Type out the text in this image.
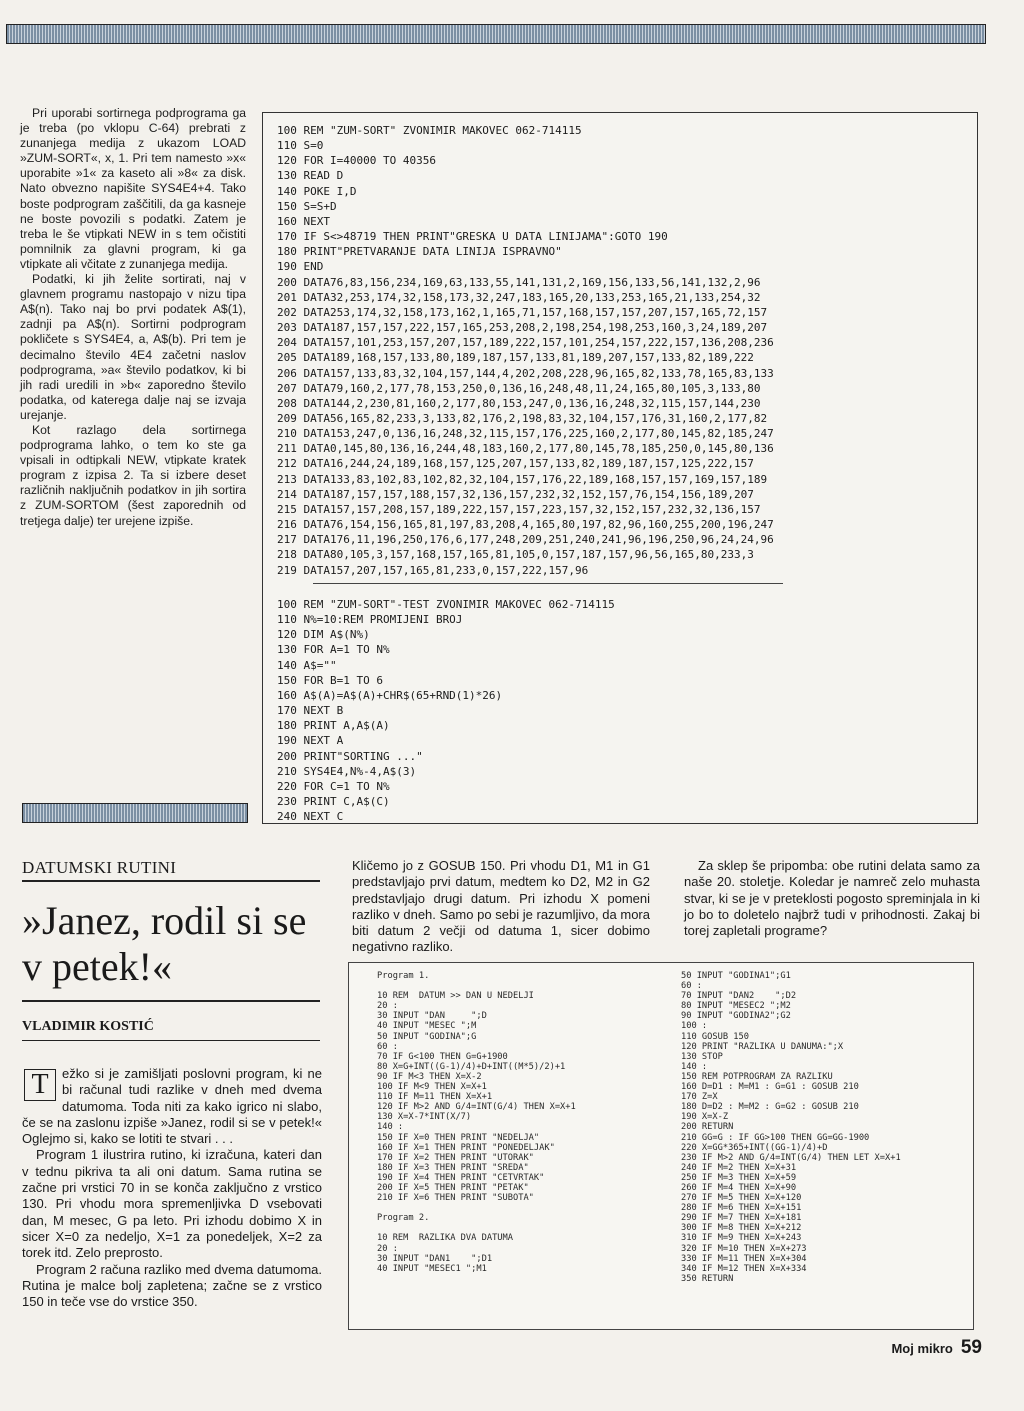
Pri uporabi sortirnega podprograma ga je treba (po vklopu C-64) prebrati z zunanjega medija z ukazom LOAD »ZUM-SORT«, x, 1. Pri tem namesto »x« uporabite »1« za kaseto ali »8« za disk. Nato obvezno napišite SYS4E4+4. Tako boste podprogram zaščitili, da ga kasneje ne boste povozili s podatki. Zatem je treba le še vtipkati NEW in s tem očistiti pomnilnik za glavni program, ki ga vtipkate ali včitate z zunanjega medija.

Podatki, ki jih želite sortirati, naj v glavnem programu nastopajo v nizu tipa A$(n). Tako naj bo prvi podatek A$(1), zadnji pa A$(n). Sortirni podprogram pokličete s SYS4E4, a, A$(b). Pri tem je decimalno število 4E4 začetni naslov podprograma, »a« število podatkov, ki bi jih radi uredili in »b« zaporedno število podatka, od katerega dalje naj se izvaja urejanje.

Kot razlago dela sortirnega podprograma lahko, o tem ko ste ga vpisali in odtipkali NEW, vtipkate kratek program z izpisa 2. Ta si izbere deset različnih naključnih podatkov in jih sortira z ZUM-SORTOM (šest zaporednih od tretjega dalje) ter urejene izpiše.

100 REM "ZUM-SORT" ZVONIMIR MAKOVEC 062-714115
110 S=0
120 FOR I=40000 TO 40356
130 READ D
140 POKE I,D
150 S=S+D
160 NEXT
170 IF S<>48719 THEN PRINT"GRESKA U DATA LINIJAMA":GOTO 190
180 PRINT"PRETVARANJE DATA LINIJA ISPRAVNO"
190 END
200 DATA76,83,156,234,169,63,133,55,141,131,2,169,156,133,56,141,132,2,96
201 DATA32,253,174,32,158,173,32,247,183,165,20,133,253,165,21,133,254,32
202 DATA253,174,32,158,173,162,1,165,71,157,168,157,157,207,157,165,72,157
203 DATA187,157,157,222,157,165,253,208,2,198,254,198,253,160,3,24,189,207
204 DATA157,101,253,157,207,157,189,222,157,101,254,157,222,157,136,208,236
205 DATA189,168,157,133,80,189,187,157,133,81,189,207,157,133,82,189,222
206 DATA157,133,83,32,104,157,144,4,202,208,228,96,165,82,133,78,165,83,133
207 DATA79,160,2,177,78,153,250,0,136,16,248,48,11,24,165,80,105,3,133,80
208 DATA144,2,230,81,160,2,177,80,153,247,0,136,16,248,32,115,157,144,230
209 DATA56,165,82,233,3,133,82,176,2,198,83,32,104,157,176,31,160,2,177,82
210 DATA153,247,0,136,16,248,32,115,157,176,225,160,2,177,80,145,82,185,247
211 DATA0,145,80,136,16,244,48,183,160,2,177,80,145,78,185,250,0,145,80,136
212 DATA16,244,24,189,168,157,125,207,157,133,82,189,187,157,125,222,157
213 DATA133,83,102,83,102,82,32,104,157,176,22,189,168,157,157,169,157,189
214 DATA187,157,157,188,157,32,136,157,232,32,152,157,76,154,156,189,207
215 DATA157,157,208,157,189,222,157,157,223,157,32,152,157,232,32,136,157
216 DATA76,154,156,165,81,197,83,208,4,165,80,197,82,96,160,255,200,196,247
217 DATA176,11,196,250,176,6,177,248,209,251,240,241,96,196,250,96,24,24,96
218 DATA80,105,3,157,168,157,165,81,105,0,157,187,157,96,56,165,80,233,3
219 DATA157,207,157,165,81,233,0,157,222,157,96
100 REM "ZUM-SORT"-TEST ZVONIMIR MAKOVEC 062-714115
110 N%=10:REM PROMIJENI BROJ
120 DIM A$(N%)
130 FOR A=1 TO N%
140 A$=""
150 FOR B=1 TO 6
160 A$(A)=A$(A)+CHR$(65+RND(1)*26)
170 NEXT B
180 PRINT A,A$(A)
190 NEXT A
200 PRINT"SORTING ..."
210 SYS4E4,N%-4,A$(3)
220 FOR C=1 TO N%
230 PRINT C,A$(C)
240 NEXT C
DATUMSKI RUTINI
»Janez, rodil si se v petek!«
VLADIMIR KOSTIĆ

T	ežko si je zamišljati poslovni program, ki ne bi računal tudi razlike v dneh med dvema datumoma. Toda niti za kako igrico ni slabo, če se na zaslonu izpiše »Janez, rodil si se v petek!« Oglejmo si, kako se lotiti te stvari . . .

Program 1 ilustrira rutino, ki izračuna, kateri dan v tednu pikriva ta ali oni datum. Sama rutina se začne pri vrstici 70 in se konča zaključno z vrstico 130. Pri vhodu mora spremenljivka D vsebovati dan, M mesec, G pa leto. Pri izhodu dobimo X in sicer X=0 za nedeljo, X=1 za ponedeljek, X=2 za torek itd. Zelo preprosto.

Program 2 računa razliko med dvema datumoma. Rutina je malce bolj zapletena; začne se z vrstico 150 in teče vse do vrstice 350.

Kličemo jo z GOSUB 150. Pri vhodu D1, M1 in G1 predstavljajo prvi datum, medtem ko D2, M2 in G2 predstavljajo drugi datum. Pri izhodu X pomeni razliko v dneh. Samo po sebi je razumljivo, da mora biti datum 2 večji od datuma 1, sicer dobimo negativno razliko.

Za sklep še pripomba: obe rutini delata samo za naše 20. stoletje. Koledar je namreč zelo muhasta stvar, ki se je v preteklosti pogosto spreminjala in ki jo bo to doletelo najbrž tudi v prihodnosti. Zakaj bi torej zapletali programe?

Program 1.

10 REM  DATUM >> DAN U NEDELJI
20 :
30 INPUT "DAN     ";D
40 INPUT "MESEC ";M
50 INPUT "GODINA";G
60 :
70 IF G<100 THEN G=G+1900
80 X=G+INT((G-1)/4)+D+INT((M*5)/2)+1
90 IF M<3 THEN X=X-2
100 IF M<9 THEN X=X+1
110 IF M=11 THEN X=X+1
120 IF M>2 AND G/4=INT(G/4) THEN X=X+1
130 X=X-7*INT(X/7)
140 :
150 IF X=0 THEN PRINT "NEDELJA"
160 IF X=1 THEN PRINT "PONEDELJAK"
170 IF X=2 THEN PRINT "UTORAK"
180 IF X=3 THEN PRINT "SREDA"
190 IF X=4 THEN PRINT "CETVRTAK"
200 IF X=5 THEN PRINT "PETAK"
210 IF X=6 THEN PRINT "SUBOTA"

Program 2.

10 REM  RAZLIKA DVA DATUMA
20 :
30 INPUT "DAN1    ";D1
40 INPUT "MESEC1 ";M1
50 INPUT "GODINA1";G1
60 :
70 INPUT "DAN2    ";D2
80 INPUT "MESEC2 ";M2
90 INPUT "GODINA2";G2
100 :
110 GOSUB 150
120 PRINT "RAZLIKA U DANUMA:";X
130 STOP
140 :
150 REM POTPROGRAM ZA RAZLIKU
160 D=D1 : M=M1 : G=G1 : GOSUB 210
170 Z=X
180 D=D2 : M=M2 : G=G2 : GOSUB 210
190 X=X-Z
200 RETURN
210 GG=G : IF GG>100 THEN GG=GG-1900
220 X=GG*365+INT((GG-1)/4)+D
230 IF M>2 AND G/4=INT(G/4) THEN LET X=X+1
240 IF M=2 THEN X=X+31
250 IF M=3 THEN X=X+59
260 IF M=4 THEN X=X+90
270 IF M=5 THEN X=X+120
280 IF M=6 THEN X=X+151
290 IF M=7 THEN X=X+181
300 IF M=8 THEN X=X+212
310 IF M=9 THEN X=X+243
320 IF M=10 THEN X=X+273
330 IF M=11 THEN X=X+304
340 IF M=12 THEN X=X+334
350 RETURN
Moj mikro 59
